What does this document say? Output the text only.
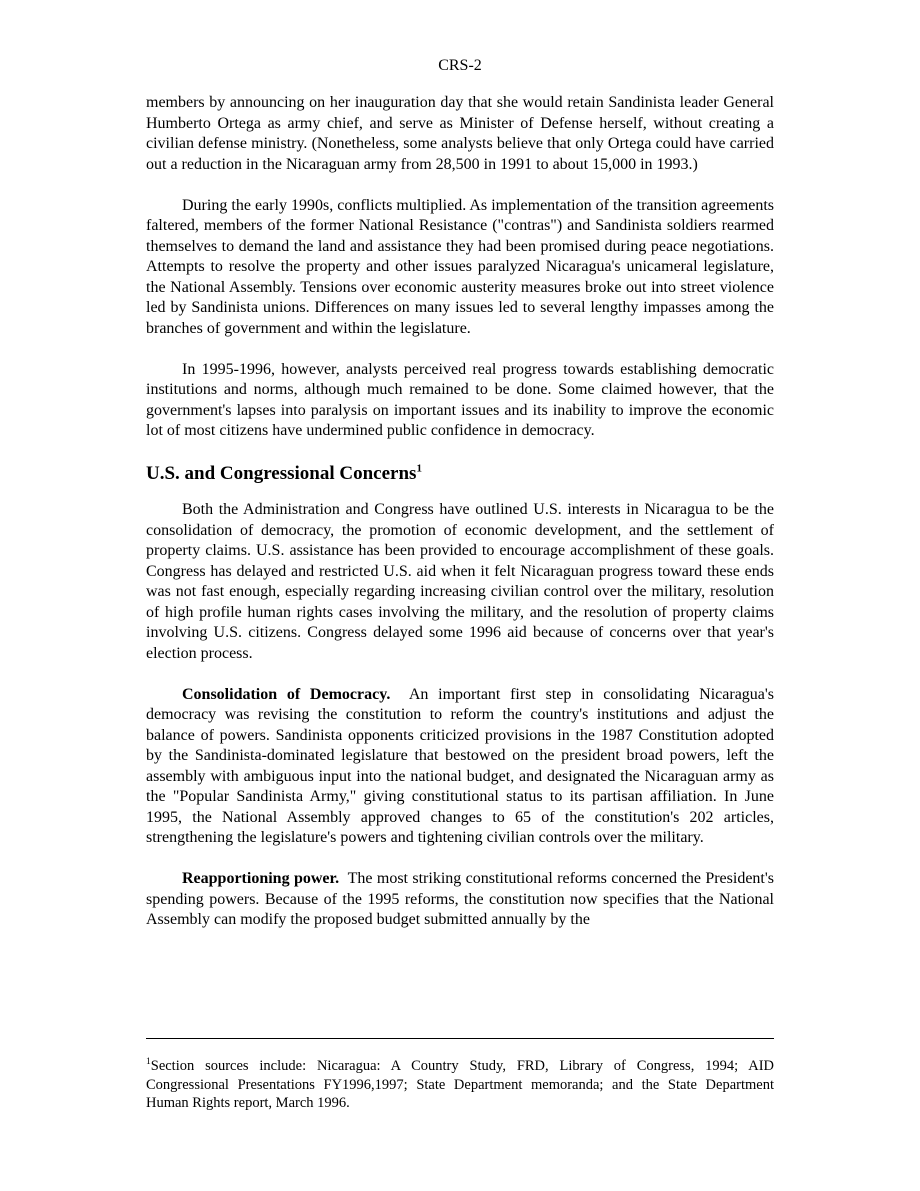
CRS-2

members by announcing on her inauguration day that she would retain Sandinista leader General Humberto Ortega as army chief, and serve as Minister of Defense herself, without creating a civilian defense ministry. (Nonetheless, some analysts believe that only Ortega could have carried out a reduction in the Nicaraguan army from 28,500 in 1991 to about 15,000 in 1993.)

During the early 1990s, conflicts multiplied. As implementation of the transition agreements faltered, members of the former National Resistance ("contras") and Sandinista soldiers rearmed themselves to demand the land and assistance they had been promised during peace negotiations. Attempts to resolve the property and other issues paralyzed Nicaragua's unicameral legislature, the National Assembly. Tensions over economic austerity measures broke out into street violence led by Sandinista unions. Differences on many issues led to several lengthy impasses among the branches of government and within the legislature.

In 1995-1996, however, analysts perceived real progress towards establishing democratic institutions and norms, although much remained to be done. Some claimed however, that the government's lapses into paralysis on important issues and its inability to improve the economic lot of most citizens have undermined public confidence in democracy.

U.S. and Congressional Concerns$^1$

Both the Administration and Congress have outlined U.S. interests in Nicaragua to be the consolidation of democracy, the promotion of economic development, and the settlement of property claims. U.S. assistance has been provided to encourage accomplishment of these goals. Congress has delayed and restricted U.S. aid when it felt Nicaraguan progress toward these ends was not fast enough, especially regarding increasing civilian control over the military, resolution of high profile human rights cases involving the military, and the resolution of property claims involving U.S. citizens. Congress delayed some 1996 aid because of concerns over that year's election process.

Consolidation of Democracy. An important first step in consolidating Nicaragua's democracy was revising the constitution to reform the country's institutions and adjust the balance of powers. Sandinista opponents criticized provisions in the 1987 Constitution adopted by the Sandinista-dominated legislature that bestowed on the president broad powers, left the assembly with ambiguous input into the national budget, and designated the Nicaraguan army as the "Popular Sandinista Army," giving constitutional status to its partisan affiliation. In June 1995, the National Assembly approved changes to 65 of the constitution's 202 articles, strengthening the legislature's powers and tightening civilian controls over the military.

Reapportioning power. The most striking constitutional reforms concerned the President's spending powers. Because of the 1995 reforms, the constitution now specifies that the National Assembly can modify the proposed budget submitted annually by the

$^1$Section sources include: Nicaragua: A Country Study, FRD, Library of Congress, 1994; AID Congressional Presentations FY1996,1997; State Department memoranda; and the State Department Human Rights report, March 1996.
